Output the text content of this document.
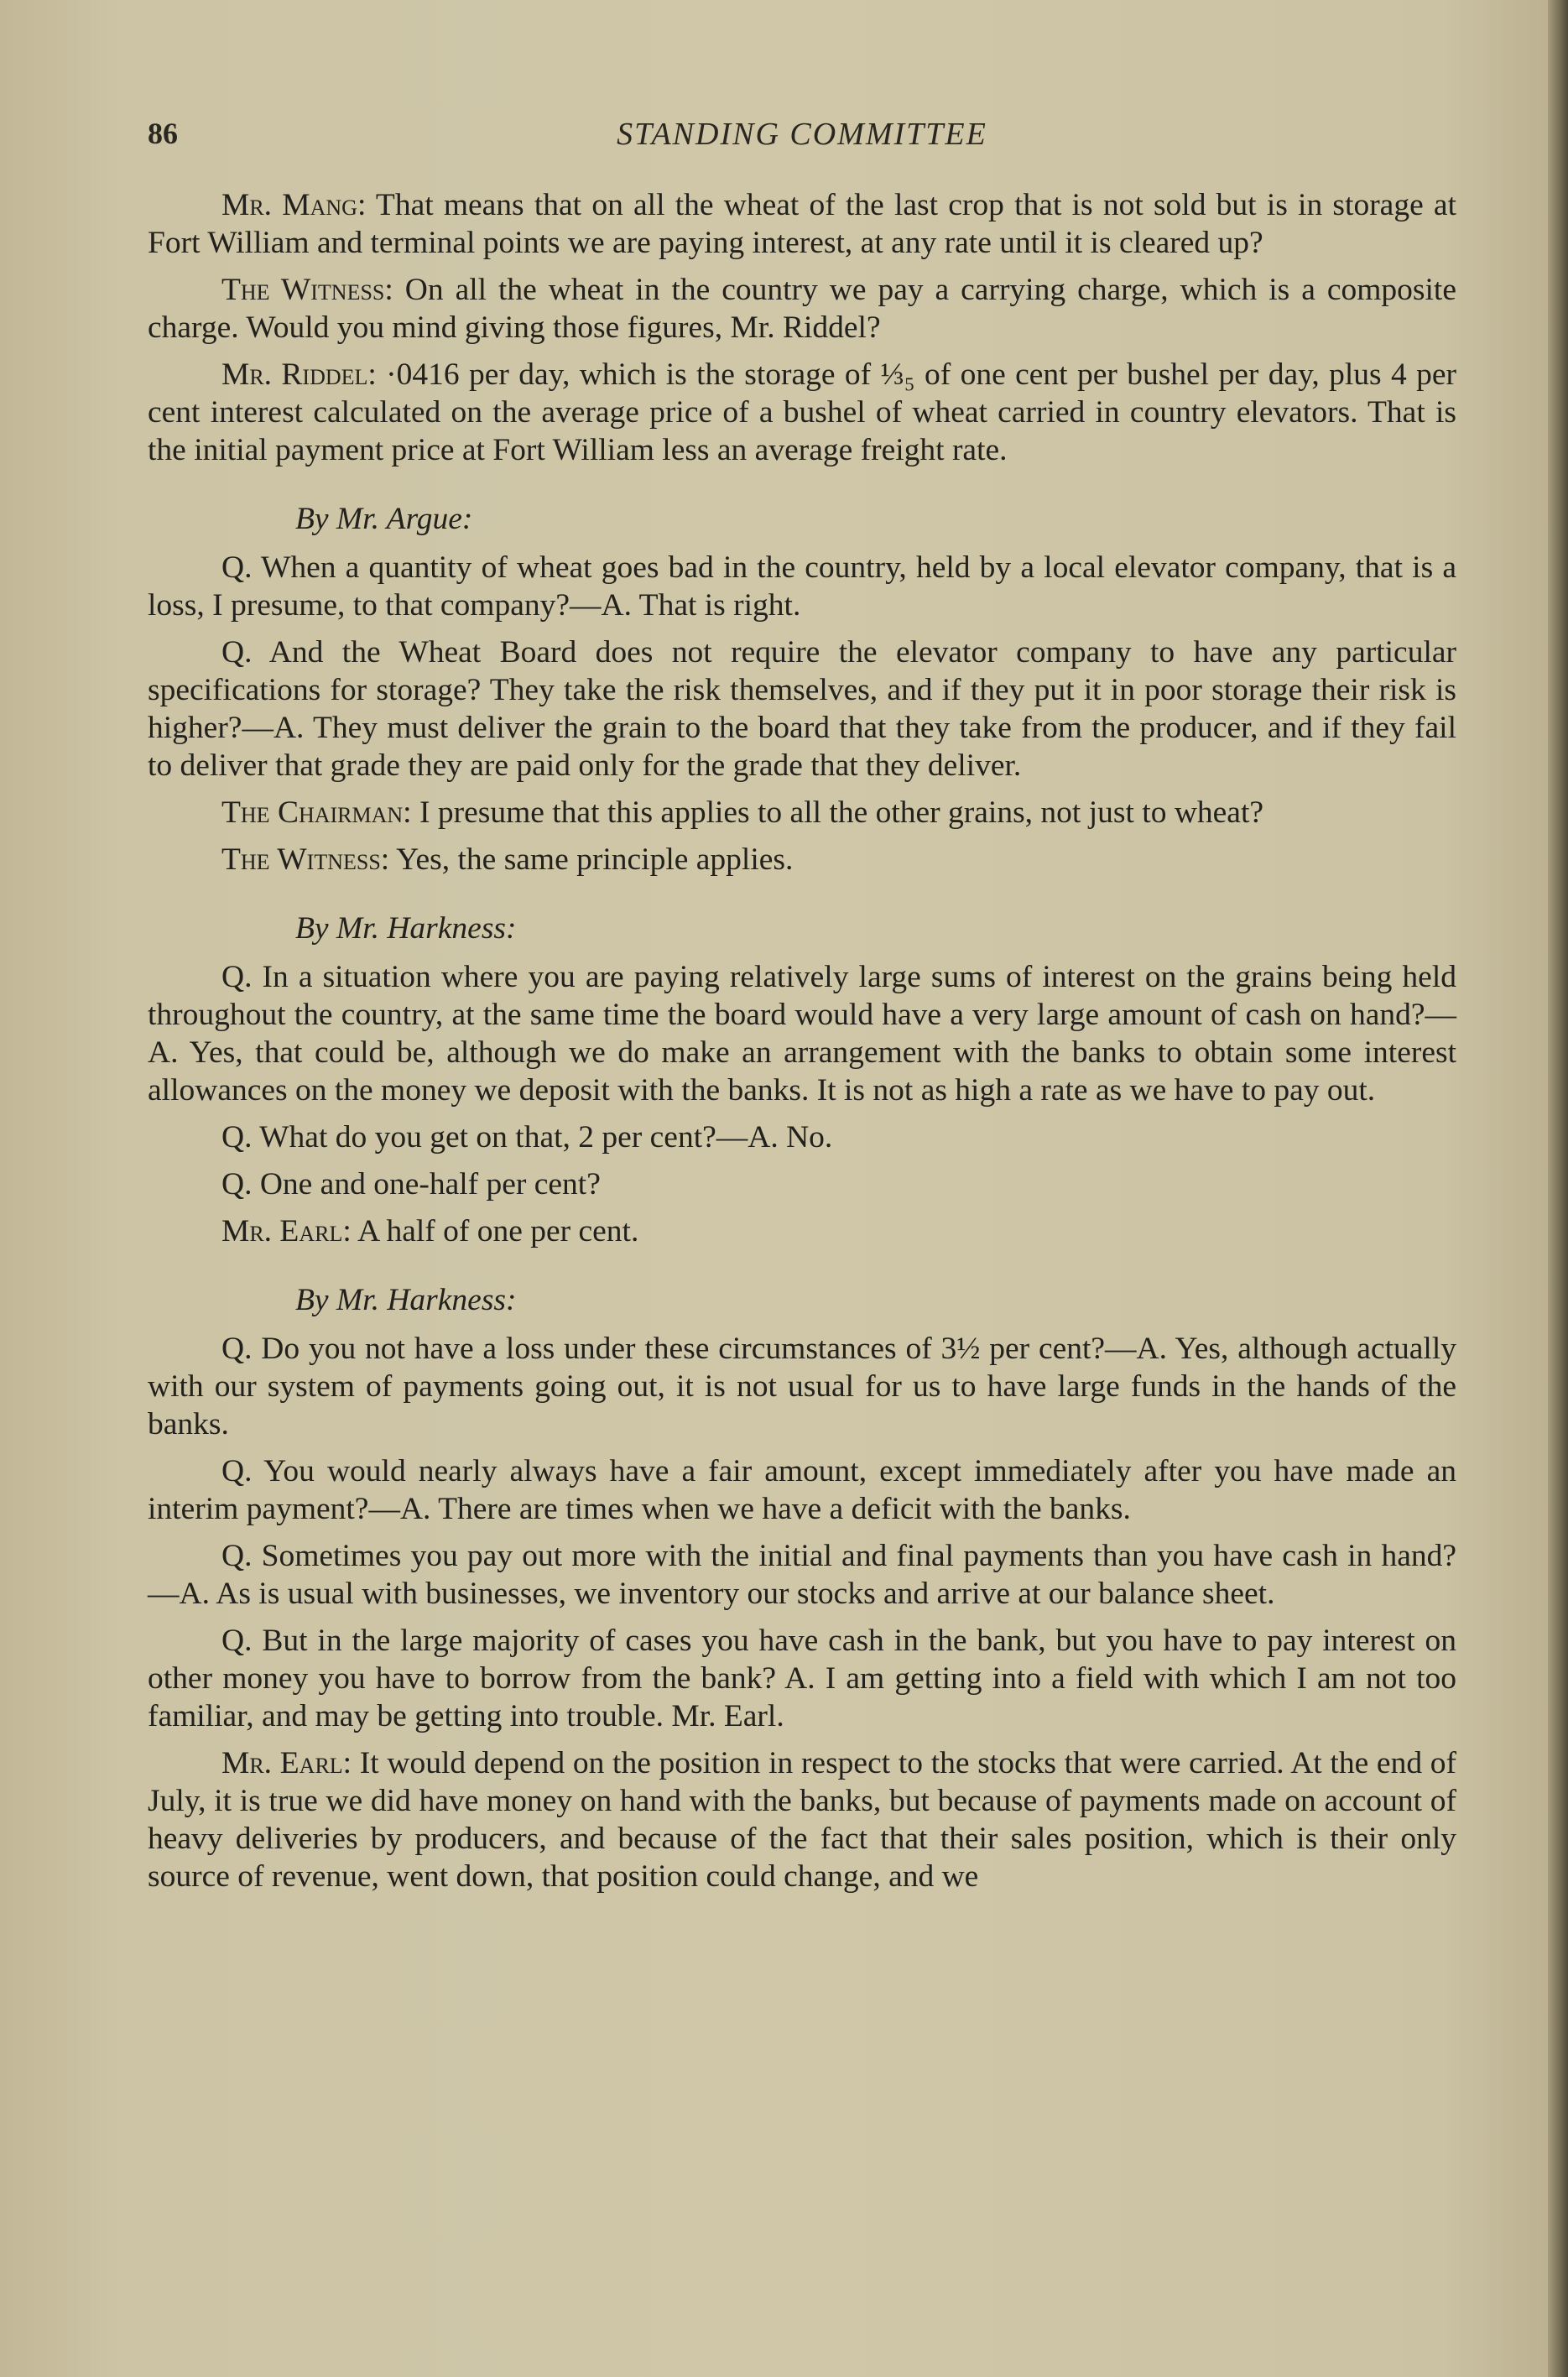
86	STANDING COMMITTEE

Mr. Mang: That means that on all the wheat of the last crop that is not sold but is in storage at Fort William and terminal points we are paying interest, at any rate until it is cleared up?

The Witness: On all the wheat in the country we pay a carrying charge, which is a composite charge. Would you mind giving those figures, Mr. Riddel?

Mr. Riddel: ·0416 per day, which is the storage of ⅓₅ of one cent per bushel per day, plus 4 per cent interest calculated on the average price of a bushel of wheat carried in country elevators. That is the initial payment price at Fort William less an average freight rate.

By Mr. Argue:

Q. When a quantity of wheat goes bad in the country, held by a local elevator company, that is a loss, I presume, to that company?—A. That is right.

Q. And the Wheat Board does not require the elevator company to have any particular specifications for storage? They take the risk themselves, and if they put it in poor storage their risk is higher?—A. They must deliver the grain to the board that they take from the producer, and if they fail to deliver that grade they are paid only for the grade that they deliver.

The Chairman: I presume that this applies to all the other grains, not just to wheat?

The Witness: Yes, the same principle applies.

By Mr. Harkness:

Q. In a situation where you are paying relatively large sums of interest on the grains being held throughout the country, at the same time the board would have a very large amount of cash on hand?—A. Yes, that could be, although we do make an arrangement with the banks to obtain some interest allowances on the money we deposit with the banks. It is not as high a rate as we have to pay out.

Q. What do you get on that, 2 per cent?—A. No.

Q. One and one-half per cent?

Mr. Earl: A half of one per cent.

By Mr. Harkness:

Q. Do you not have a loss under these circumstances of 3½ per cent?—A. Yes, although actually with our system of payments going out, it is not usual for us to have large funds in the hands of the banks.

Q. You would nearly always have a fair amount, except immediately after you have made an interim payment?—A. There are times when we have a deficit with the banks.

Q. Sometimes you pay out more with the initial and final payments than you have cash in hand?—A. As is usual with businesses, we inventory our stocks and arrive at our balance sheet.

Q. But in the large majority of cases you have cash in the bank, but you have to pay interest on other money you have to borrow from the bank? A. I am getting into a field with which I am not too familiar, and may be getting into trouble. Mr. Earl.

Mr. Earl: It would depend on the position in respect to the stocks that were carried. At the end of July, it is true we did have money on hand with the banks, but because of payments made on account of heavy deliveries by producers, and because of the fact that their sales position, which is their only source of revenue, went down, that position could change, and we
